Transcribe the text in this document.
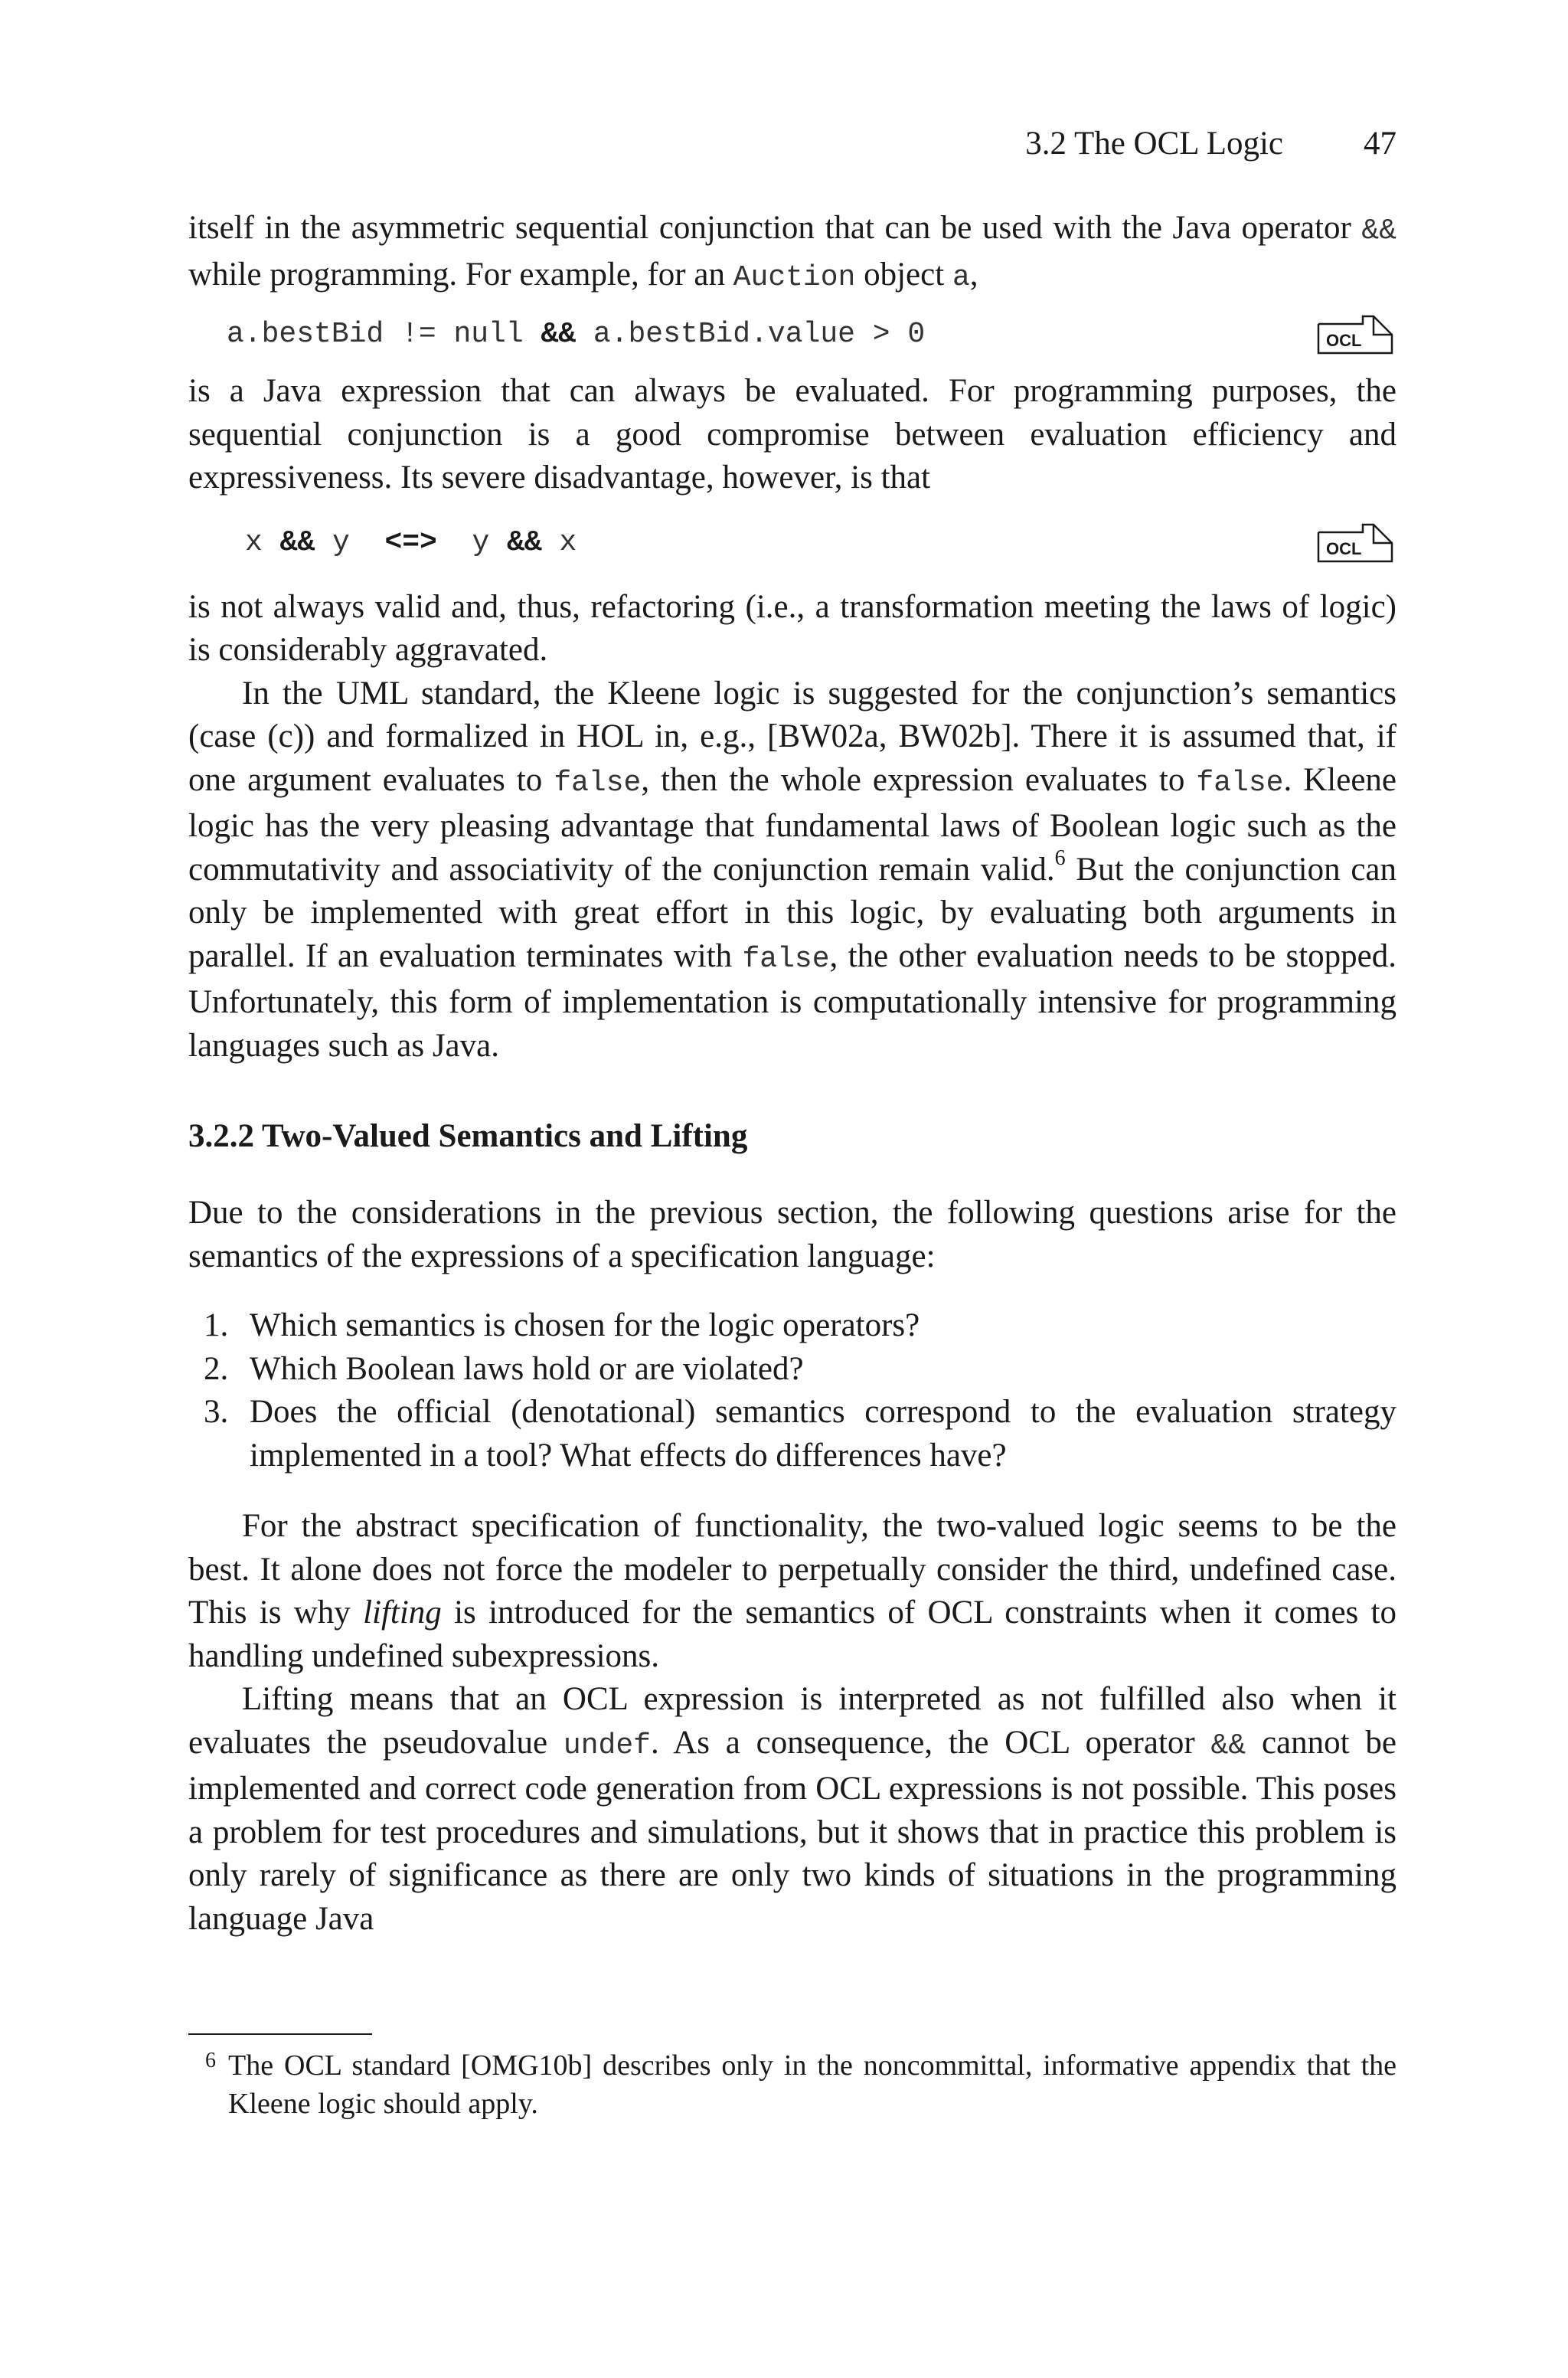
3.2 The OCL Logic 47

itself in the asymmetric sequential conjunction that can be used with the Java operator && while programming. For example, for an Auction object a,

a.bestBid != null && a.bestBid.value > 0	OCL

is a Java expression that can always be evaluated. For programming purposes, the sequential conjunction is a good compromise between evaluation efficiency and expressiveness. Its severe disadvantage, however, is that

x && y  <=>  y && x	OCL

is not always valid and, thus, refactoring (i.e., a transformation meeting the laws of logic) is considerably aggravated.

In the UML standard, the Kleene logic is suggested for the conjunction’s semantics (case (c)) and formalized in HOL in, e.g., [BW02a, BW02b]. There it is assumed that, if one argument evaluates to false, then the whole expression evaluates to false. Kleene logic has the very pleasing advantage that fundamental laws of Boolean logic such as the commutativity and associativity of the conjunction remain valid.$^6$ But the conjunction can only be implemented with great effort in this logic, by evaluating both arguments in parallel. If an evaluation terminates with false, the other evaluation needs to be stopped. Unfortunately, this form of implementation is computationally intensive for programming languages such as Java.

3.2.2 Two-Valued Semantics and Lifting

Due to the considerations in the previous section, the following questions arise for the semantics of the expressions of a specification language:

1. Which semantics is chosen for the logic operators?
2. Which Boolean laws hold or are violated?
3. Does the official (denotational) semantics correspond to the evaluation strategy implemented in a tool? What effects do differences have?

For the abstract specification of functionality, the two-valued logic seems to be the best. It alone does not force the modeler to perpetually consider the third, undefined case. This is why lifting is introduced for the semantics of OCL constraints when it comes to handling undefined subexpressions.

Lifting means that an OCL expression is interpreted as not fulfilled also when it evaluates the pseudovalue undef. As a consequence, the OCL operator && cannot be implemented and correct code generation from OCL expressions is not possible. This poses a problem for test procedures and simulations, but it shows that in practice this problem is only rarely of significance as there are only two kinds of situations in the programming language Java

6 The OCL standard [OMG10b] describes only in the noncommittal, informative appendix that the Kleene logic should apply.
